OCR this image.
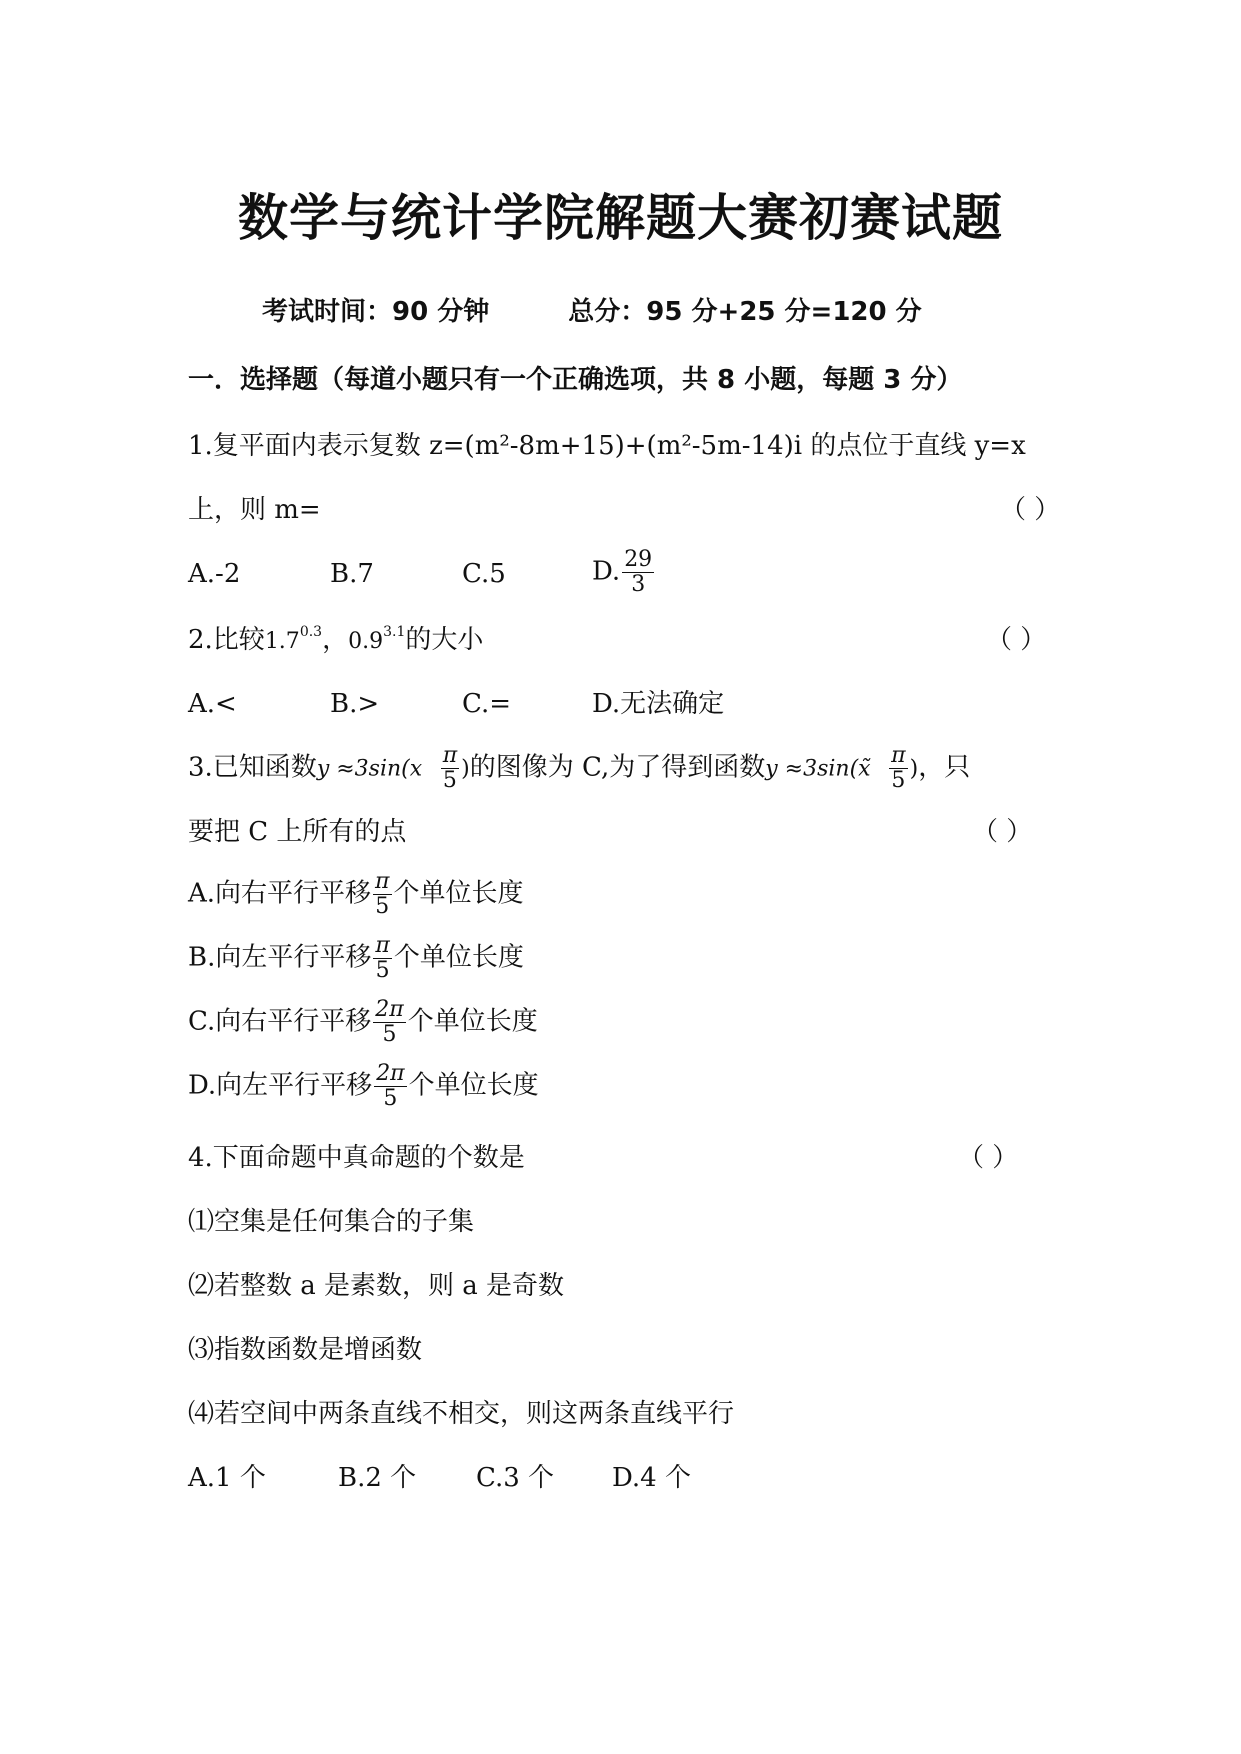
数学与统计学院解题大赛初赛试题
考试时间：90 分钟	总分：95 分+25 分=120 分
一．选择题（每道小题只有一个正确选项，共 8 小题，每题 3 分）
1.复平面内表示复数 z=(m²-8m+15)+(m²-5m-14)i 的点位于直线 y=x
上，则 m=	（ ）
A.-2	B.7	C.5	D. $\frac{29}{3}$
2.比较$1.7^{0.3}$，$0.9^{3.1}$的大小	（ ）
A.<	B.>	C.=	D.无法确定
3.已知函数$y \approx 3\sin(x \frac{\pi}{5}$ )的图像为 C,为了得到函数y ≈3sin(x̃ $\frac{\pi}{5}$ )，只
要把 C 上所有的点	（ ）
A.向右平行平移 $\frac{\pi}{5}$ 个单位长度
B.向左平行平移 $\frac{\pi}{5}$ 个单位长度
C.向右平行平移 $\frac{2\pi}{5}$ 个单位长度
D.向左平行平移 $\frac{2\pi}{5}$ 个单位长度
4.下面命题中真命题的个数是	（ ）
⑴空集是任何集合的子集
⑵若整数 a 是素数，则 a 是奇数
⑶指数函数是增函数
⑷若空间中两条直线不相交，则这两条直线平行
A.1 个	B.2 个 C.3 个 D.4 个
